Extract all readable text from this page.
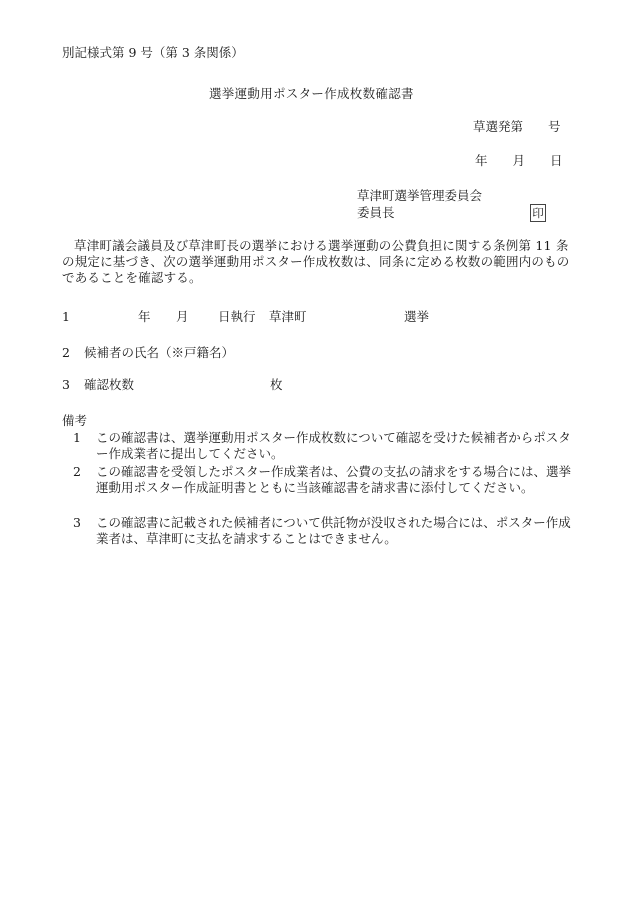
別記様式第 9 号（第 3 条関係）
選挙運動用ポスター作成枚数確認書
草選発第　　号
年　　月　　日
草津町選挙管理委員会
委員長	印
草津町議会議員及び草津町長の選挙における選挙運動の公費負担に関する条例第 11 条の規定に基づき、次の選挙運動用ポスター作成枚数は、同条に定める枚数の範囲内のものであることを確認する。
1	年 月 日執行 草津町	選挙
2 候補者の氏名（※戸籍名）
3 確認枚数	枚
備考
1 この確認書は、選挙運動用ポスター作成枚数について確認を受けた候補者からポスター作成業者に提出してください。
2 この確認書を受領したポスター作成業者は、公費の支払の請求をする場合には、選挙運動用ポスター作成証明書とともに当該確認書を請求書に添付してください。
3 この確認書に記載された候補者について供託物が没収された場合には、ポスター作成業者は、草津町に支払を請求することはできません。
